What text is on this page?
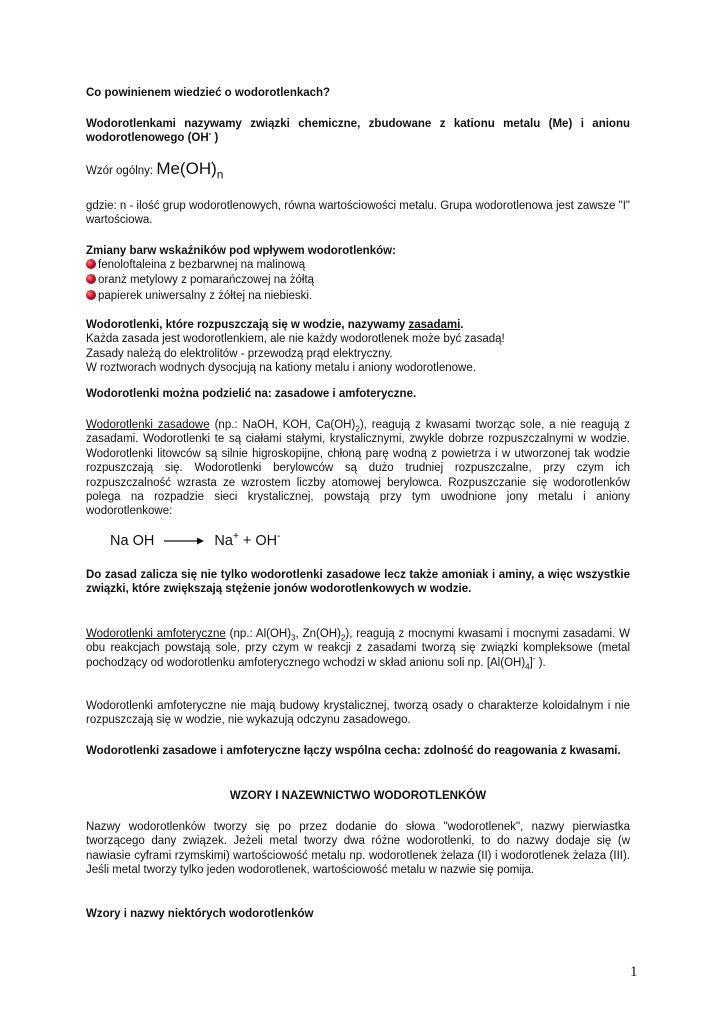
Co powinienem wiedzieć o wodorotlenkach?
Wodorotlenkami nazywamy związki chemiczne, zbudowane z kationu metalu (Me) i anionu wodorotlenowego (OH- )
Wzór ogólny: $Me(OH)_n$
gdzie: n - ilość grup wodorotlenowych, równa wartościowości metalu. Grupa wodorotlenowa jest zawsze "I" wartościowa.
Zmiany barw wskaźników pod wpływem wodorotlenków:
fenoloftaleina z bezbarwnej na malinową
oranż metylowy z pomarańczowej na żółtą
papierek uniwersalny z żółtej na niebieski.
Wodorotlenki, które rozpuszczają się w wodzie, nazywamy zasadami.
Każda zasada jest wodorotlenkiem, ale nie każdy wodorotlenek może być zasadą!
Zasady należą do elektrolitów - przewodzą prąd elektryczny.
W roztworach wodnych dysocjują na kationy metalu i aniony wodorotlenowe.
Wodorotlenki można podzielić na: zasadowe i amfoteryczne.
Wodorotlenki zasadowe (np.: NaOH, KOH, $Ca(OH)_2$), reagują z kwasami tworząc sole, a nie reagują z zasadami. Wodorotlenki te są ciałami stałymi, krystalicznymi, zwykle dobrze rozpuszczalnymi w wodzie. Wodorotlenki litowców są silnie higroskopijne, chłoną parę wodną z powietrza i w utworzonej tak wodzie rozpuszczają się. Wodorotlenki berylowców są dużo trudniej rozpuszczalne, przy czym ich rozpuszczalność wzrasta ze wzrostem liczby atomowej berylowca. Rozpuszczanie się wodorotlenków polega na rozpadzie sieci krystalicznej, powstają przy tym uwodnione jony metalu i aniony wodorotlenkowe:
Na OH → Na+ + OH-
Do zasad zalicza się nie tylko wodorotlenki zasadowe lecz także amoniak i aminy, a więc wszystkie związki, które zwiększają stężenie jonów wodorotlenkowych w wodzie.
Wodorotlenki amfoteryczne (np.: $Al(OH)_3$, $Zn(OH)_2$), reagują z mocnymi kwasami i mocnymi zasadami. W obu reakcjach powstają sole, przy czym w reakcji z zasadami tworzą się związki kompleksowe (metal pochodzący od wodorotlenku amfoterycznego wchodzi w skład anionu soli np. $[Al(OH)_4]^-$ ).
Wodorotlenki amfoteryczne nie mają budowy krystalicznej, tworzą osady o charakterze koloidalnym i nie rozpuszczają się w wodzie, nie wykazują odczynu zasadowego.
Wodorotlenki zasadowe i amfoteryczne łączy wspólna cecha: zdolność do reagowania z kwasami.
WZORY I NAZEWNICTWO WODOROTLENKÓW
Nazwy wodorotlenków tworzy się po przez dodanie do słowa "wodorotlenek", nazwy pierwiastka tworzącego dany związek. Jeżeli metal tworzy dwa różne wodorotlenki, to do nazwy dodaje się (w nawiasie cyframi rzymskimi) wartościowość metalu np. wodorotlenek żelaza (II) i wodorotlenek żelaza (III). Jeśli metal tworzy tylko jeden wodorotlenek, wartościowość metalu w nazwie się pomija.
Wzory i nazwy niektórych wodorotlenków
1
